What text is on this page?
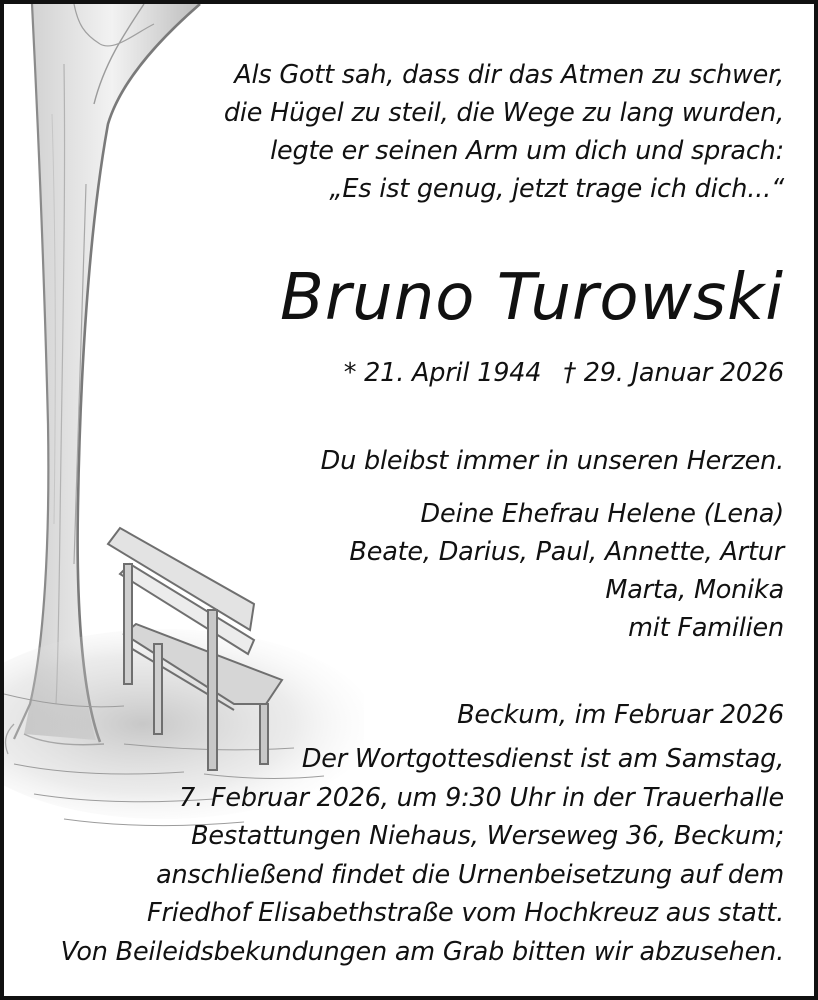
Als Gott sah, dass dir das Atmen zu schwer,
die Hügel zu steil, die Wege zu lang wurden,
legte er seinen Arm um dich und sprach:
„Es ist genug, jetzt trage ich dich...“
Bruno Turowski
* 21. April 1944 † 29. Januar 2026
Du bleibst immer in unseren Herzen.
Deine Ehefrau Helene (Lena)
Beate, Darius, Paul, Annette, Artur
Marta, Monika
mit Familien
Beckum, im Februar 2026
Der Wortgottesdienst ist am Samstag,
7. Februar 2026, um 9:30 Uhr in der Trauerhalle
Bestattungen Niehaus, Werseweg 36, Beckum;
anschließend findet die Urnenbeisetzung auf dem
Friedhof Elisabethstraße vom Hochkreuz aus statt.
Von Beileidsbekundungen am Grab bitten wir abzusehen.
